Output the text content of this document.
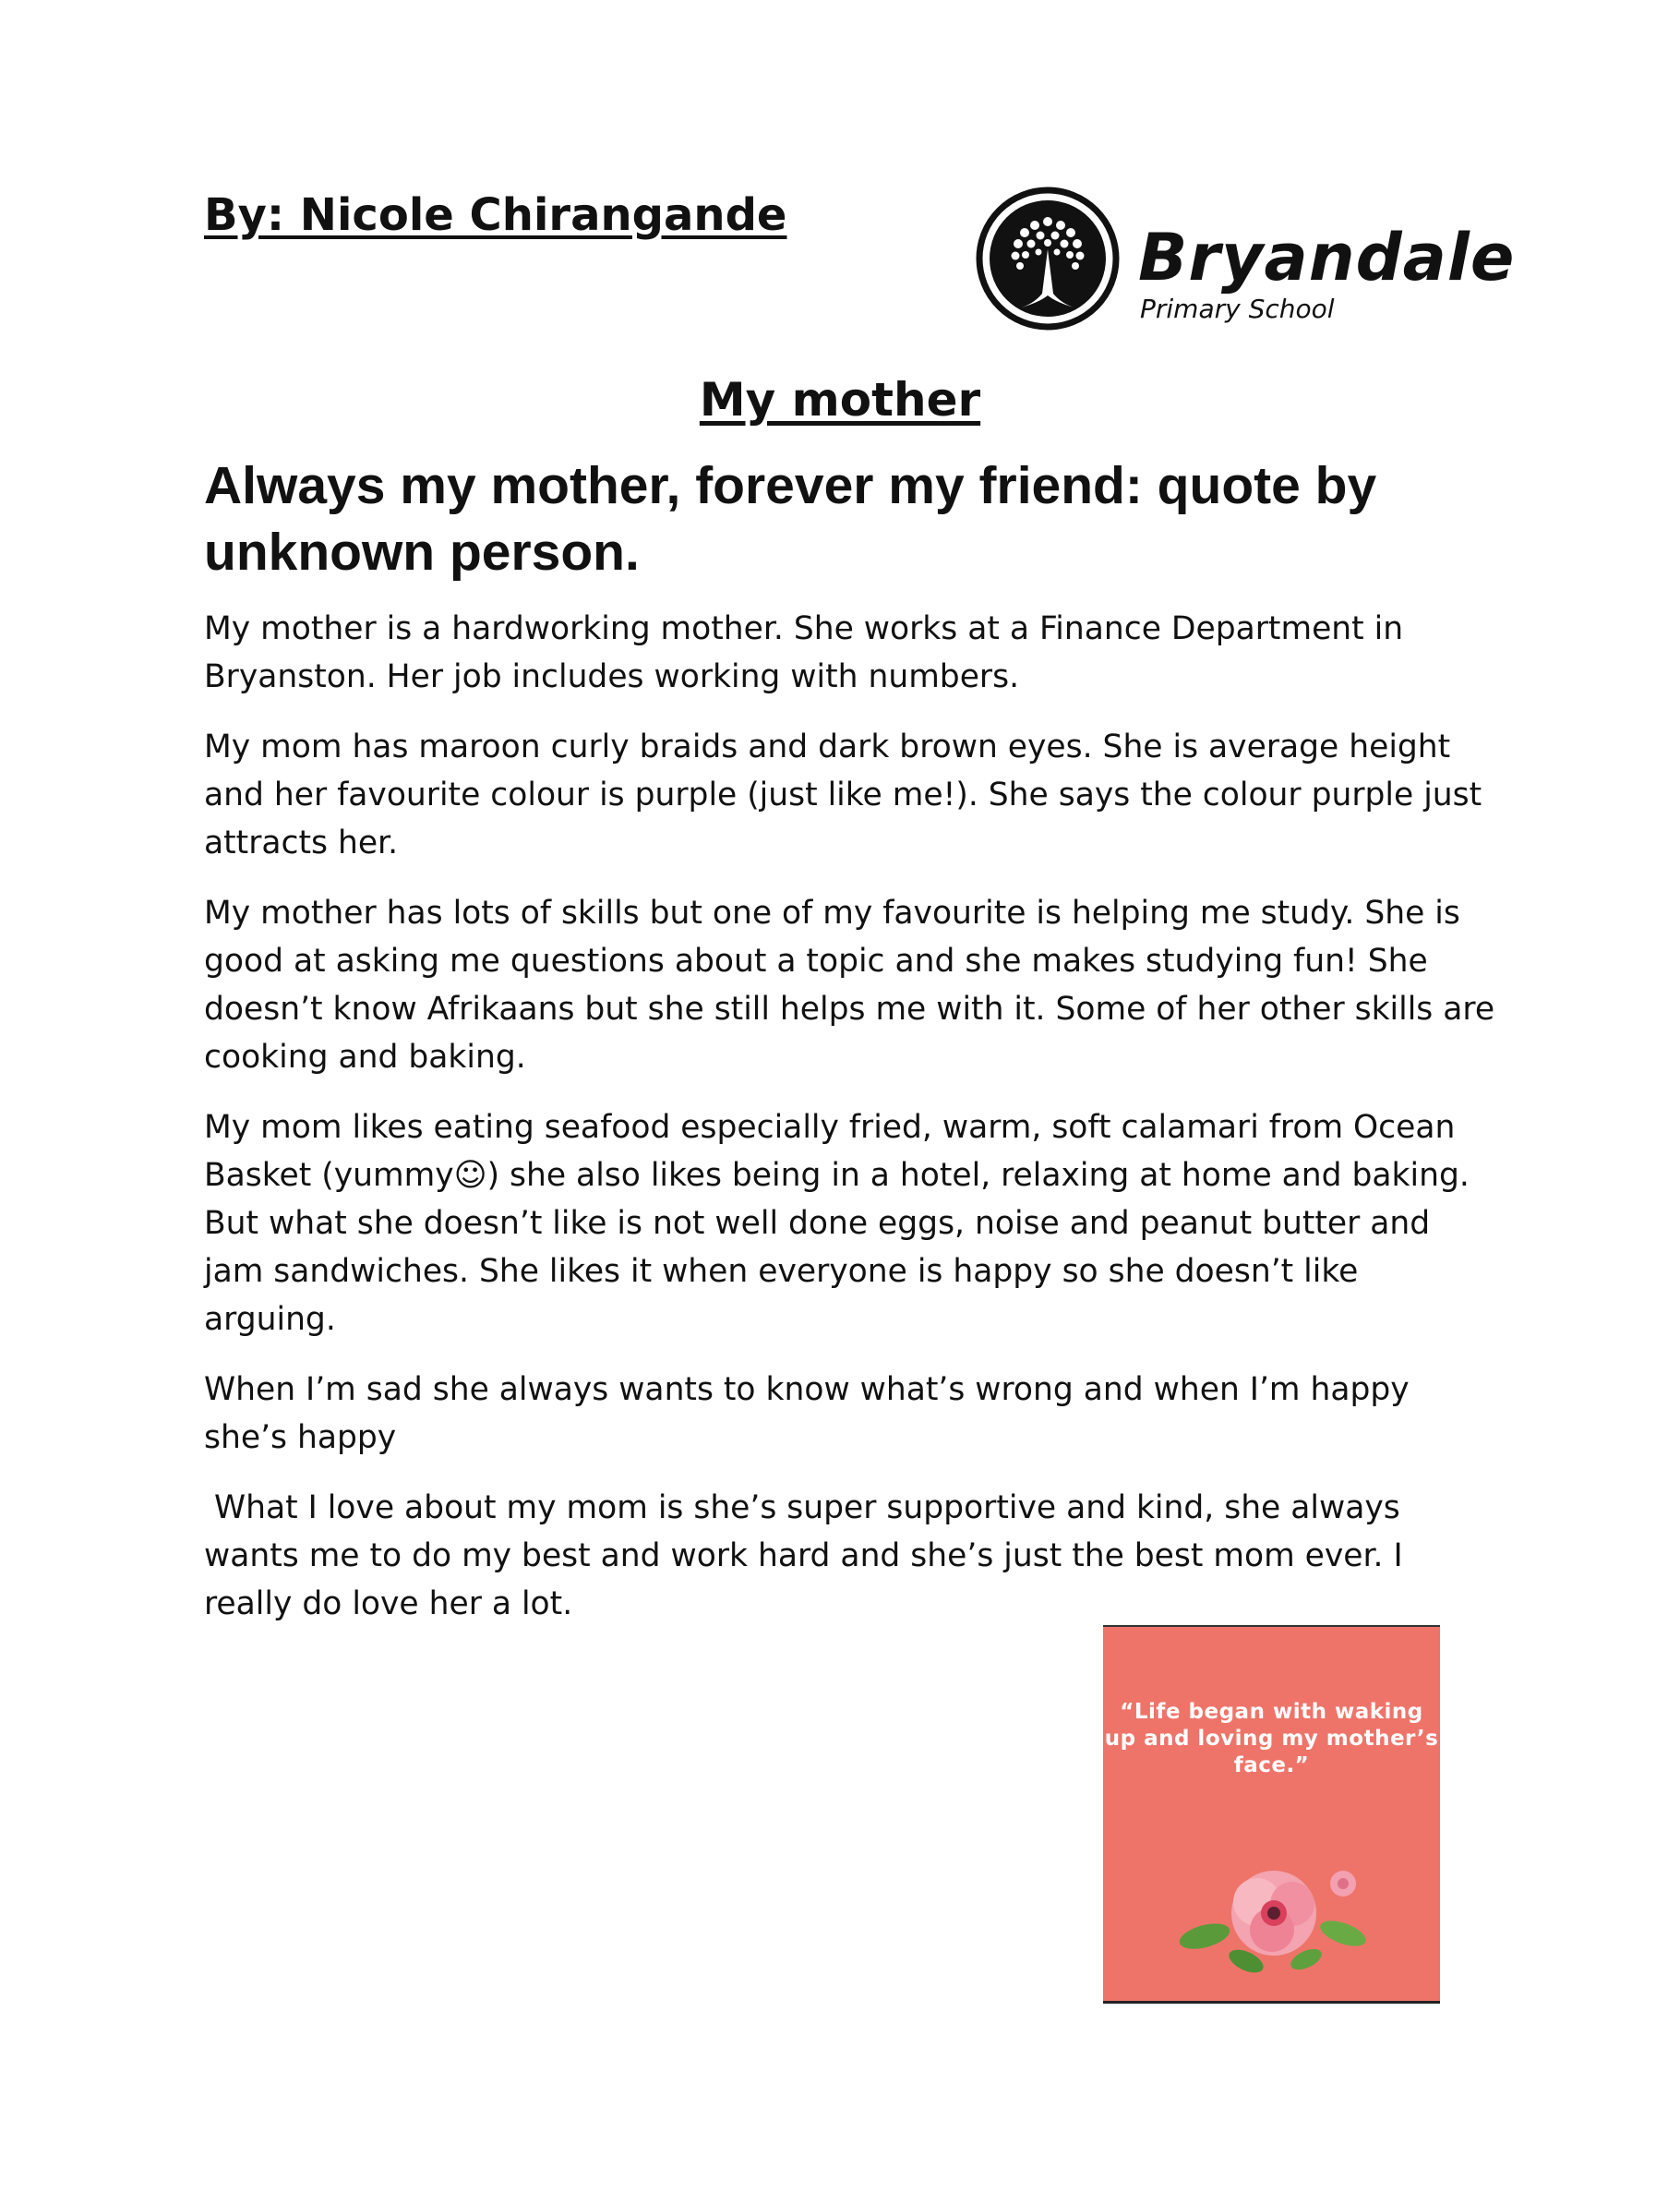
By: Nicole Chirangande
Bryandale
Primary School
My mother
Always my mother, forever my friend: quote by unknown person.

My mother is a hardworking mother. She works at a Finance Department in Bryanston. Her job includes working with numbers.

My mom has maroon curly braids and dark brown eyes. She is average height and her favourite colour is purple (just like me!). She says the colour purple just attracts her.

My mother has lots of skills but one of my favourite is helping me study. She is good at asking me questions about a topic and she makes studying fun! She doesn’t know Afrikaans but she still helps me with it. Some of her other skills are cooking and baking.

My mom likes eating seafood especially fried, warm, soft calamari from Ocean Basket (yummy☺) she also likes being in a hotel, relaxing at home and baking. But what she doesn’t like is not well done eggs, noise and peanut butter and jam sandwiches. She likes it when everyone is happy so she doesn’t like arguing.

When I’m sad she always wants to know what’s wrong and when I’m happy she’s happy

What I love about my mom is she’s super supportive and kind, she always wants me to do my best and work hard and she’s just the best mom ever. I really do love her a lot.

“Life began with waking up and loving my mother’s face.”
